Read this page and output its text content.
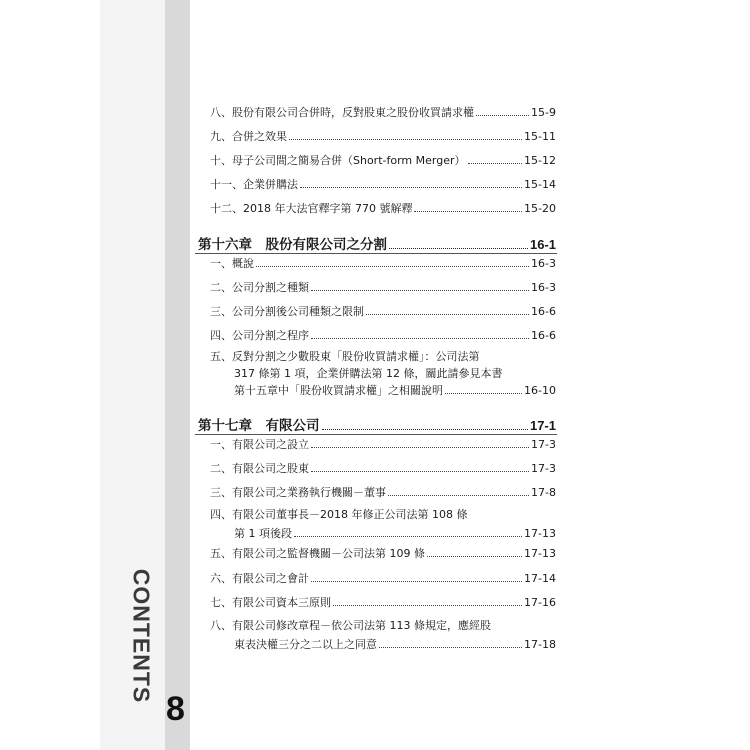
CONTENTS
8
八、股份有限公司合併時，反對股東之股份收買請求權	15-9
九、合併之效果	15-11
十、母子公司間之簡易合併（Short-form Merger）	15-12
十一、企業併購法	15-14
十二、2018 年大法官釋字第 770 號解釋	15-20
第十六章　股份有限公司之分割	16-1
一、概說	16-3
二、公司分割之種類	16-3
三、公司分割後公司種類之限制	16-6
四、公司分割之程序	16-6
五、反對分割之少數股東「股份收買請求權」：公司法第
317 條第 1 項，企業併購法第 12 條，關此請參見本書
第十五章中「股份收買請求權」之相關說明	16-10
第十七章　有限公司	17-1
一、有限公司之設立	17-3
二、有限公司之股東	17-3
三、有限公司之業務執行機關－董事	17-8
四、有限公司董事長－2018 年修正公司法第 108 條
第 1 項後段	17-13
五、有限公司之監督機關－公司法第 109 條	17-13
六、有限公司之會計	17-14
七、有限公司資本三原則	17-16
八、有限公司修改章程－依公司法第 113 條規定，應經股
東表決權三分之二以上之同意	17-18
